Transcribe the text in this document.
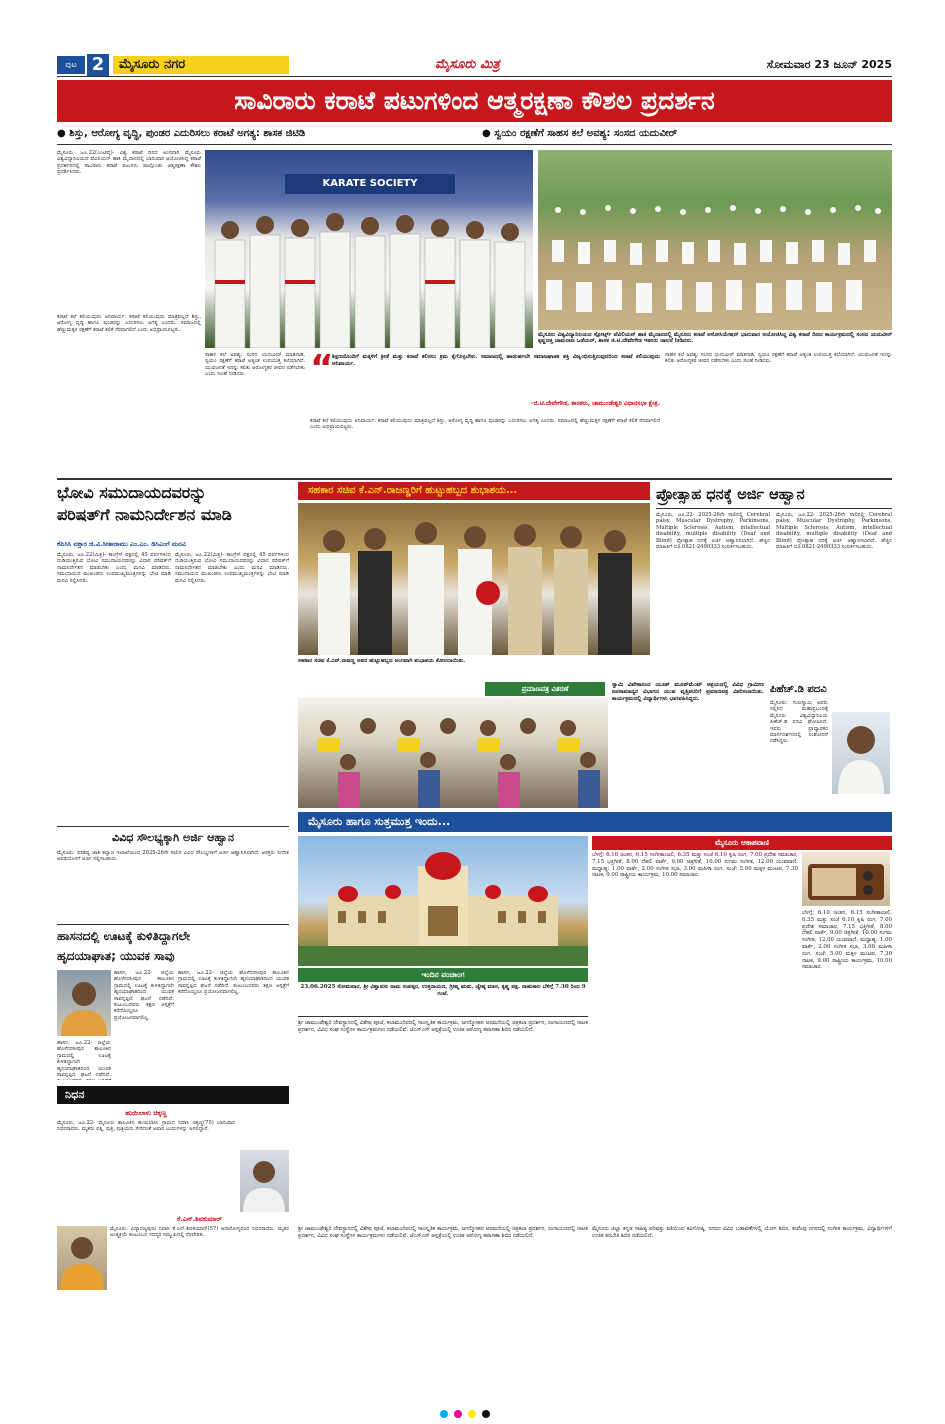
ಪುಟ 2	ಮೈಸೂರು ನಗರ	ಮೈಸೂರು ಮಿತ್ರ	ಸೋಮವಾರ 23 ಜೂನ್ 2025
ಸಾವಿರಾರು ಕರಾಟೆ ಪಟುಗಳಿಂದ ಆತ್ಮರಕ್ಷಣಾ ಕೌಶಲ ಪ್ರದರ್ಶನ
● ಶಿಸ್ತು, ಆರೋಗ್ಯ ವೃದ್ಧಿ, ಪುಂಡರ ಎದುರಿಸಲು ಕರಾಟೆ ಅಗತ್ಯ: ಶಾಸಕ ಜಿಟಿಡಿ	● ಸ್ವಯಂ ರಕ್ಷಣೆಗೆ ಸಾಹಸ ಕಲೆ ಅವಶ್ಯ: ಸಂಸದ ಯದುವೀರ್
ಮೈಸೂರು, ಜೂ.22(ಎಂಟಿವೈ)- ವಿಶ್ವ ಕರಾಟೆ ದಿನದ ಅಂಗವಾಗಿ ಮೈಸೂರು ವಿಶ್ವವಿದ್ಯಾನಿಲಯದ ಪೆವಿಲಿಯನ್ ಹಾಕಿ ಮೈದಾನದಲ್ಲಿ ಭಾನುವಾರ ಆಯೋಜಿಸಿದ್ದ ಕರಾಟೆ ಪ್ರದರ್ಶನದಲ್ಲಿ ಸಾವಿರಾರು ಕರಾಟೆ ಪಟುಗಳು ಪಾಲ್ಗೊಂಡು ಆತ್ಮರಕ್ಷಣಾ ಕೌಶಲ ಪ್ರದರ್ಶಿಸಿದರು.
ಕರಾಟೆ ಕಲೆ ಕಲಿಯುವುದು ಅನಿವಾರ್ಯ: ಕರಾಟೆ ಕಲಿಯುವುದು ಮಾತ್ರವಲ್ಲದೆ ಶಿಸ್ತು, ಆರೋಗ್ಯ ವೃದ್ಧಿ ಹಾಗೂ ಪುಂಡರನ್ನು ಎದುರಿಸಲು ಅಗತ್ಯ ಎಂದರು. ಸಮಾಜದಲ್ಲಿ ಹೆಣ್ಣುಮಕ್ಕಳ ರಕ್ಷಣೆಗೆ ಕರಾಟೆ ಕಲಿಕೆ ನೆರವಾಗಲಿದೆ ಎಂದು ಅಭಿಪ್ರಾಯಪಟ್ಟರು.
KARATE SOCIETY
ಮೈಸೂರು ವಿಶ್ವವಿದ್ಯಾನಿಲಯದ ಸ್ಪೋರ್ಟ್ಸ್ ಪೆವಿಲಿಯನ್ ಹಾಕಿ ಮೈದಾನದಲ್ಲಿ ಮೈಸೂರು ಕರಾಟೆ ಅಸೋಸಿಯೇಷನ್ ಭಾನುವಾರ ಆಯೋಜಿಸಿದ್ದ ವಿಶ್ವ ಕರಾಟೆ ದಿನದ ಕಾರ್ಯಕ್ರಮದಲ್ಲಿ ಸಂಸದ ಯದುವೀರ್ ಕೃಷ್ಣದತ್ತ ಚಾಮರಾಜ ಒಡೆಯರ್, ಶಾಸಕ ಜಿ.ಟಿ.ದೇವೇಗೌಡ ಇತರರು ಚಾಲನೆ ನೀಡಿದರು.
“
ಶಿಕ್ಷಣದೊಂದಿಗೆ ಮಕ್ಕಳಿಗೆ ಕ್ರೀಡೆ ಮತ್ತು ಕರಾಟೆ ಕಲಿಸಲು ಕ್ರಮ ಕೈಗೊಳ್ಳಬೇಕು. ಸಮಾಜದಲ್ಲಿ ಹಾಡುಹಗಲೇ ಸಮಾಜಘಾತಕ ಶಕ್ತಿ ವಿಜೃಂಭಿಸುತ್ತಿರುವುದರಿಂದ ಕರಾಟೆ ಕಲಿಯುವುದು ಅನಿವಾರ್ಯ.
-ಜಿ.ಟಿ.ದೇವೇಗೌಡ, ಶಾಸಕರು, ಚಾಮುಂಡೇಶ್ವರಿ ವಿಧಾನಸಭಾ ಕ್ಷೇತ್ರ.
ಸಾಹಸ ಕಲೆ ಅವಶ್ಯ: ಸಂಸದ ಯದುವೀರ್ ಮಾತನಾಡಿ, ಸ್ವಯಂ ರಕ್ಷಣೆಗೆ ಕರಾಟೆ ಅತ್ಯಂತ ಉಪಯುಕ್ತ ಕಲೆಯಾಗಿದೆ. ಯುವಜನತೆ ಇದನ್ನು ಕಲಿತು ಆರೋಗ್ಯಕರ ಜೀವನ ನಡೆಸಬೇಕು ಎಂದು ಸಲಹೆ ನೀಡಿದರು.
ಕರಾಟೆ ಕಲೆ ಕಲಿಯುವುದು ಅನಿವಾರ್ಯ: ಕರಾಟೆ ಕಲಿಯುವುದು ಮಾತ್ರವಲ್ಲದೆ ಶಿಸ್ತು, ಆರೋಗ್ಯ ವೃದ್ಧಿ ಹಾಗೂ ಪುಂಡರನ್ನು ಎದುರಿಸಲು ಅಗತ್ಯ ಎಂದರು. ಸಮಾಜದಲ್ಲಿ ಹೆಣ್ಣುಮಕ್ಕಳ ರಕ್ಷಣೆಗೆ ಕರಾಟೆ ಕಲಿಕೆ ನೆರವಾಗಲಿದೆ ಎಂದು ಅಭಿಪ್ರಾಯಪಟ್ಟರು.
ಸಾಹಸ ಕಲೆ ಅವಶ್ಯ: ಸಂಸದ ಯದುವೀರ್ ಮಾತನಾಡಿ, ಸ್ವಯಂ ರಕ್ಷಣೆಗೆ ಕರಾಟೆ ಅತ್ಯಂತ ಉಪಯುಕ್ತ ಕಲೆಯಾಗಿದೆ. ಯುವಜನತೆ ಇದನ್ನು ಕಲಿತು ಆರೋಗ್ಯಕರ ಜೀವನ ನಡೆಸಬೇಕು ಎಂದು ಸಲಹೆ ನೀಡಿದರು.
ಭೋವಿ ಸಮುದಾಯದವರನ್ನು
ಪರಿಷತ್‌ಗೆ ನಾಮನಿರ್ದೇಶನ ಮಾಡಿ
ಕೆಪಿಸಿಸಿ ವಕ್ತಾರ ಜಿ.ವಿ.ಸೀತಾರಾಮು ಎಂ.ಎಂ. ಡಿಸಿಎಂಗೆ ಮನವಿ
ಮೈಸೂರು, ಜೂ.22(ಮಿತ್ರ)- ಕಾಂಗ್ರೆಸ್ ಪಕ್ಷದಲ್ಲಿ 45 ವರ್ಷಗಳಿಂದ ದುಡಿಯುತ್ತಿರುವ ಭೋವಿ ಸಮುದಾಯದವರನ್ನು ವಿಧಾನ ಪರಿಷತ್‌ಗೆ ನಾಮನಿರ್ದೇಶನ ಮಾಡಬೇಕು ಎಂದು ಮನವಿ ಮಾಡಿದರು. ಸಮುದಾಯದ ಮುಖಂಡರು ಉಪಮುಖ್ಯಮಂತ್ರಿಗಳನ್ನು ಭೇಟಿ ಮಾಡಿ ಮನವಿ ಸಲ್ಲಿಸಿದರು.
ಮೈಸೂರು, ಜೂ.22(ಮಿತ್ರ)- ಕಾಂಗ್ರೆಸ್ ಪಕ್ಷದಲ್ಲಿ 45 ವರ್ಷಗಳಿಂದ ದುಡಿಯುತ್ತಿರುವ ಭೋವಿ ಸಮುದಾಯದವರನ್ನು ವಿಧಾನ ಪರಿಷತ್‌ಗೆ ನಾಮನಿರ್ದೇಶನ ಮಾಡಬೇಕು ಎಂದು ಮನವಿ ಮಾಡಿದರು. ಸಮುದಾಯದ ಮುಖಂಡರು ಉಪಮುಖ್ಯಮಂತ್ರಿಗಳನ್ನು ಭೇಟಿ ಮಾಡಿ ಮನವಿ ಸಲ್ಲಿಸಿದರು.
ಸಹಕಾರ ಸಚಿವ ಕೆ.ಎನ್.ರಾಜಣ್ಣರಿಗೆ ಹುಟ್ಟುಹಬ್ಬದ ಶುಭಾಶಯ...
ಸಹಕಾರ ಸಚಿವ ಕೆ.ಎನ್.ರಾಜಣ್ಣ ಅವರ ಹುಟ್ಟುಹಬ್ಬದ ಅಂಗವಾಗಿ ಶುಭಾಶಯ ಕೋರಲಾಯಿತು.
ಪ್ರೋತ್ಸಾಹ ಧನಕ್ಕೆ ಅರ್ಜಿ ಆಹ್ವಾನ
ಮೈಸೂರು, ಜೂ.22- 2025-26ನೇ ಸಾಲಿನಲ್ಲಿ Cerebral palsy, Muscular Dystrophy, Parkinsons, Multiple Sclerosis, Autism, intellectual disability, multiple disability (Deaf and Blind) ಪ್ರೋತ್ಸಾಹ ಧನಕ್ಕೆ ಅರ್ಜಿ ಆಹ್ವಾನಿಸಲಾಗಿದೆ. ಹೆಚ್ಚಿನ ಮಾಹಿತಿಗೆ ದೂ.0821-2490333 ಸಂಪರ್ಕಿಸಬಹುದು.
ಮೈಸೂರು, ಜೂ.22- 2025-26ನೇ ಸಾಲಿನಲ್ಲಿ Cerebral palsy, Muscular Dystrophy, Parkinsons, Multiple Sclerosis, Autism, intellectual disability, multiple disability (Deaf and Blind) ಪ್ರೋತ್ಸಾಹ ಧನಕ್ಕೆ ಅರ್ಜಿ ಆಹ್ವಾನಿಸಲಾಗಿದೆ. ಹೆಚ್ಚಿನ ಮಾಹಿತಿಗೆ ದೂ.0821-2490333 ಸಂಪರ್ಕಿಸಬಹುದು.
ಪ್ರಮಾಣಪತ್ರ ವಿತರಣೆ	ಸ್ವಾಮಿ ವಿವೇಕಾನಂದ ಯೂತ್ ಮೂವ್‌ಮೆಂಟ್ ಆಶ್ರಯದಲ್ಲಿ ವಿವಿಧ ಗ್ರಾಮೀಣ ಜನಸಾಮಾನ್ಯರ ವಿಭಾಗದ ಯುವ ವೃತ್ತಿಪರರಿಗೆ ಪ್ರಮಾಣಪತ್ರ ವಿತರಿಸಲಾಯಿತು. ಕಾರ್ಯಕ್ರಮದಲ್ಲಿ ವಿದ್ಯಾರ್ಥಿಗಳು ಭಾಗವಹಿಸಿದ್ದರು.
ಪಿಹೆಚ್.ಡಿ ಪದವಿ
ಮೈಸೂರು: ಗುರುಸ್ವಾಮಿ ಅವರು ಸಲ್ಲಿಸಿದ ಮಹಾಪ್ರಬಂಧಕ್ಕೆ ಮೈಸೂರು ವಿಶ್ವವಿದ್ಯಾನಿಲಯ ಪಿಹೆಚ್.ಡಿ ಪದವಿ ಘೋಷಿಸಿದೆ. ಇವರು ಪ್ರಾಧ್ಯಾಪಕರ ಮಾರ್ಗದರ್ಶನದಲ್ಲಿ ಸಂಶೋಧನೆ ನಡೆಸಿದ್ದರು.
ವಿವಿಧ ಸೌಲಭ್ಯಕ್ಕಾಗಿ ಅರ್ಜಿ ಆಹ್ವಾನ
ಮೈಸೂರು: ಪರಿಶಿಷ್ಟ ಜಾತಿ ಕಲ್ಯಾಣ ಇಲಾಖೆಯಿಂದ 2025-26ನೇ ಸಾಲಿನ ವಿವಿಧ ಸೌಲಭ್ಯಗಳಿಗೆ ಅರ್ಜಿ ಆಹ್ವಾನಿಸಲಾಗಿದೆ. ಆಸಕ್ತರು ನಿಗದಿತ ಅವಧಿಯೊಳಗೆ ಅರ್ಜಿ ಸಲ್ಲಿಸಬಹುದು.
ಹಾಸನದಲ್ಲಿ ಊಟಕ್ಕೆ ಕುಳಿತಿದ್ದಾಗಲೇ
ಹೃದಯಾಘಾತ; ಯುವಕ ಸಾವು
ಹಾಸನ, ಜೂ.22- ಜಿಲ್ಲೆಯ ಹೊಳೆನರಸೀಪುರ ತಾಲೂಕಿನ ಗ್ರಾಮದಲ್ಲಿ ಊಟಕ್ಕೆ ಕುಳಿತಿದ್ದಾಗಲೇ ಹೃದಯಾಘಾತದಿಂದ ಯುವಕ ಸಾವನ್ನಪ್ಪಿದ ಘಟನೆ ನಡೆದಿದೆ. ಕುಟುಂಬದವರು ತಕ್ಷಣ ಆಸ್ಪತ್ರೆಗೆ ಕರೆದೊಯ್ದರೂ ಪ್ರಯೋಜನವಾಗಲಿಲ್ಲ.
ಹಾಸನ, ಜೂ.22- ಜಿಲ್ಲೆಯ ಹೊಳೆನರಸೀಪುರ ತಾಲೂಕಿನ ಗ್ರಾಮದಲ್ಲಿ ಊಟಕ್ಕೆ ಕುಳಿತಿದ್ದಾಗಲೇ ಹೃದಯಾಘಾತದಿಂದ ಯುವಕ ಸಾವನ್ನಪ್ಪಿದ ಘಟನೆ ನಡೆದಿದೆ. ಕುಟುಂಬದವರು ತಕ್ಷಣ ಆಸ್ಪತ್ರೆಗೆ ಕರೆದೊಯ್ದರೂ ಪ್ರಯೋಜನವಾಗಲಿಲ್ಲ.
ಹಾಸನ, ಜೂ.22- ಜಿಲ್ಲೆಯ ಹೊಳೆನರಸೀಪುರ ತಾಲೂಕಿನ ಗ್ರಾಮದಲ್ಲಿ ಊಟಕ್ಕೆ ಕುಳಿತಿದ್ದಾಗಲೇ ಹೃದಯಾಘಾತದಿಂದ ಯುವಕ ಸಾವನ್ನಪ್ಪಿದ ಘಟನೆ ನಡೆದಿದೆ.
ನಿಧನ
ಹುಯಿಲಾಳು ಚಿಕ್ಕಣ್ಣ
ಮೈಸೂರು, ಜೂ.22- ಮೈಸೂರು ತಾಲೂಕಿನ ಹುಯಿಲಾಳು ಗ್ರಾಮದ ನಿವಾಸಿ ಚಿಕ್ಕಣ್ಣ(75) ಭಾನುವಾರ ನಿಧನರಾದರು. ಮೃತರು ಪತ್ನಿ, ಪುತ್ರ, ಪುತ್ರಿಯರು ಸೇರಿದಂತೆ ಅಪಾರ ಬಂಧುಗಳನ್ನು ಅಗಲಿದ್ದಾರೆ.
ಕೆ.ಎನ್.ಶಿವಕುಮಾರ್
ಮೈಸೂರು: ವಿದ್ಯಾರಣ್ಯಪುರಂ ನಿವಾಸಿ ಕೆ.ಎನ್.ಶಿವಕುಮಾರ್(57) ಅನಾರೋಗ್ಯದಿಂದ ನಿಧನರಾದರು. ಮೃತರ ಅಂತ್ಯಕ್ರಿಯೆ ಕುಟುಂಬದ ಸದಸ್ಯರ ಸಮ್ಮುಖದಲ್ಲಿ ನೆರವೇರಿತು.
ಮೈಸೂರು ಹಾಗೂ ಸುತ್ತಮುತ್ತ ಇಂದು...
ಮೈಸೂರು ಆಕಾಶವಾಣಿ
ಬೆಳಗ್ಗೆ: 6.10 ಚಿಂತನ, 6.15 ಸಂಗೀತಾಂಜಲಿ, 6.35 ಮತ್ತು ಸಂಜೆ 6.10 ಕೃಷಿ ರಂಗ, 7.00 ಪ್ರದೇಶ ಸಮಾಚಾರ, 7.15 ಭಕ್ತಿಗೀತೆ, 8.00 ದೆಹಲಿ ವಾರ್ತೆ, 9.00 ಚಿತ್ರಗೀತೆ, 10.00 ಸುಗಮ ಸಂಗೀತ, 12.00 ಯುವವಾಣಿ. ಮಧ್ಯಾಹ್ನ: 1.00 ವಾರ್ತೆ, 2.00 ಸಂಗೀತ ಸಭಾ, 3.00 ಮಹಿಳಾ ರಂಗ. ಸಂಜೆ: 5.00 ಮಕ್ಕಳ ಮಂಟಪ, 7.30 ನಾಟಕ, 9.00 ರಾಷ್ಟ್ರೀಯ ಕಾರ್ಯಕ್ರಮ, 10.00 ಸಮಾಚಾರ.
ಬೆಳಗ್ಗೆ: 6.10 ಚಿಂತನ, 6.15 ಸಂಗೀತಾಂಜಲಿ, 6.35 ಮತ್ತು ಸಂಜೆ 6.10 ಕೃಷಿ ರಂಗ, 7.00 ಪ್ರದೇಶ ಸಮಾಚಾರ, 7.15 ಭಕ್ತಿಗೀತೆ, 8.00 ದೆಹಲಿ ವಾರ್ತೆ, 9.00 ಚಿತ್ರಗೀತೆ, 10.00 ಸುಗಮ ಸಂಗೀತ, 12.00 ಯುವವಾಣಿ. ಮಧ್ಯಾಹ್ನ: 1.00 ವಾರ್ತೆ, 2.00 ಸಂಗೀತ ಸಭಾ, 3.00 ಮಹಿಳಾ ರಂಗ. ಸಂಜೆ: 5.00 ಮಕ್ಕಳ ಮಂಟಪ, 7.30 ನಾಟಕ, 9.00 ರಾಷ್ಟ್ರೀಯ ಕಾರ್ಯಕ್ರಮ, 10.00 ಸಮಾಚಾರ.
ಇಂದಿನ ಪಂಚಾಂಗ
23.06.2025 ಸೋಮವಾರ, ಶ್ರೀ ವಿಶ್ವಾವಸು ನಾಮ ಸಂವತ್ಸರ, ಉತ್ತರಾಯಣ, ಗ್ರೀಷ್ಮ ಋತು, ಜ್ಯೇಷ್ಠ ಮಾಸ, ಕೃಷ್ಣ ಪಕ್ಷ. ರಾಹುಕಾಲ ಬೆಳಿಗ್ಗೆ 7.30 ರಿಂದ 9 ಗಂಟೆ.
ಶ್ರೀ ಚಾಮುಂಡೇಶ್ವರಿ ದೇವಸ್ಥಾನದಲ್ಲಿ ವಿಶೇಷ ಪೂಜೆ, ಕಲಾಮಂದಿರದಲ್ಲಿ ಸಾಂಸ್ಕೃತಿಕ ಕಾರ್ಯಕ್ರಮ, ಜಗನ್ಮೋಹನ ಅರಮನೆಯಲ್ಲಿ ಚಿತ್ರಕಲಾ ಪ್ರದರ್ಶನ, ರಂಗಾಯಣದಲ್ಲಿ ನಾಟಕ ಪ್ರದರ್ಶನ, ವಿವಿಧ ಸಂಘ ಸಂಸ್ಥೆಗಳ ಕಾರ್ಯಕ್ರಮಗಳು ನಡೆಯಲಿವೆ. ಜೆಎಸ್‌ಎಸ್ ಆಸ್ಪತ್ರೆಯಲ್ಲಿ ಉಚಿತ ಆರೋಗ್ಯ ತಪಾಸಣಾ ಶಿಬಿರ ನಡೆಯಲಿದೆ.
ಶ್ರೀ ಚಾಮುಂಡೇಶ್ವರಿ ದೇವಸ್ಥಾನದಲ್ಲಿ ವಿಶೇಷ ಪೂಜೆ, ಕಲಾಮಂದಿರದಲ್ಲಿ ಸಾಂಸ್ಕೃತಿಕ ಕಾರ್ಯಕ್ರಮ, ಜಗನ್ಮೋಹನ ಅರಮನೆಯಲ್ಲಿ ಚಿತ್ರಕಲಾ ಪ್ರದರ್ಶನ, ರಂಗಾಯಣದಲ್ಲಿ ನಾಟಕ ಪ್ರದರ್ಶನ, ವಿವಿಧ ಸಂಘ ಸಂಸ್ಥೆಗಳ ಕಾರ್ಯಕ್ರಮಗಳು ನಡೆಯಲಿವೆ. ಜೆಎಸ್‌ಎಸ್ ಆಸ್ಪತ್ರೆಯಲ್ಲಿ ಉಚಿತ ಆರೋಗ್ಯ ತಪಾಸಣಾ ಶಿಬಿರ ನಡೆಯಲಿದೆ.
ಮೈಸೂರು ಜಿಲ್ಲಾ ಕನ್ನಡ ಸಾಹಿತ್ಯ ಪರಿಷತ್ತು ವತಿಯಿಂದ ಕವಿಗೋಷ್ಠಿ, ನಗರದ ವಿವಿಧ ಬಡಾವಣೆಗಳಲ್ಲಿ ಯೋಗ ಶಿಬಿರ, ಕುವೆಂಪು ನಗರದಲ್ಲಿ ಸಂಗೀತ ಕಾರ್ಯಕ್ರಮ, ವಿದ್ಯಾರ್ಥಿಗಳಿಗೆ ಉಚಿತ ತರಬೇತಿ ಶಿಬಿರ ನಡೆಯಲಿದೆ.
